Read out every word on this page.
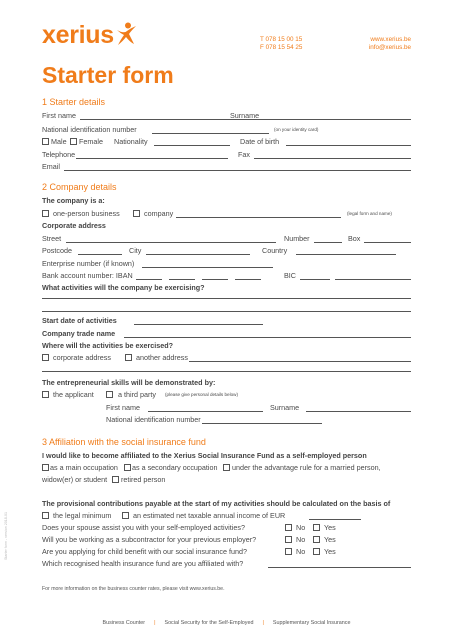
xerius	T 078 15 00 15
F 078 15 54 25
www.xerius.be
info@xerius.be
Starter form
1 Starter details
First name	Surname
National identification number	(on your identity card)
Male Female Nationality	Date of birth
Telephone	Fax
Email
2 Company details
The company is a:
one-person business	company	(legal form and name)
Corporate address
Street	Number	Box
Postcode	City	Country
Enterprise number (if known)
Bank account number: IBAN	BIC
What activities will the company be exercising?
Start date of activities
Company trade name
Where will the activities be exercised?
corporate address	another address
The entrepreneurial skills will be demonstrated by:
the applicant	a third party (please give personal details below)
First name	Surname
National identification number
3 Affiliation with the social insurance fund
I would like to become affiliated to the Xerius Social Insurance Fund as a self-employed person
as a main occupation as a secondary occupation under the advantage rule for a married person,
widow(er) or student retired person
The provisional contributions payable at the start of my activities should be calculated on the basis of
the legal minimum	an estimated net taxable annual income of EUR
Does your spouse assist you with your self-employed activities?	No	Yes
Will you be working as a subcontractor for your previous employer?	No	Yes
Are you applying for child benefit with our social insurance fund?	No	Yes
Which recognised health insurance fund are you affiliated with?
Starter form - version 2018-01
For more information on the business counter rates, please visit www.xerius.be.
Business Counter | Social Security for the Self-Employed | Supplementary Social Insurance
